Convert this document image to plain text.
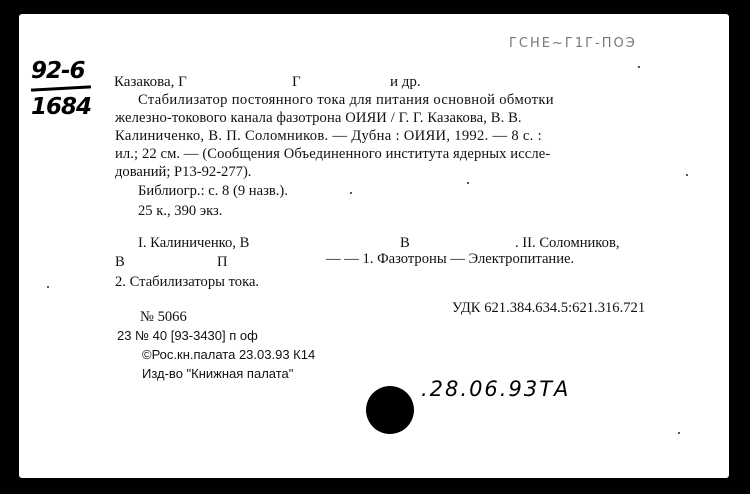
92-6
1684
ГСНЕ~Г1Г-ПОЭ
Казакова, Г	Г	и др.
Стабилизатор постоянного тока для питания основной обмотки
железно-токового канала фазотрона ОИЯИ / Г. Г. Казакова, В. В.
Калиниченко, В. П. Соломников. — Дубна : ОИЯИ, 1992. — 8 с. :
ил.; 22 см. — (Сообщения Объединенного института ядерных иссле-
дований; Р13-92-277).
Библиогр.: с. 8 (9 назв.).
25 к., 390 экз.
I. Калиниченко, В	В	. II. Соломников,
В	П	— — 1. Фазотроны — Электропитание.
2. Стабилизаторы тока.
УДК 621.384.634.5:621.316.721
№ 5066
23 № 40 [93-3430] п оф
©Рос.кн.палата 23.03.93 К14
Изд-во "Книжная палата"
.28.06.93ТА
